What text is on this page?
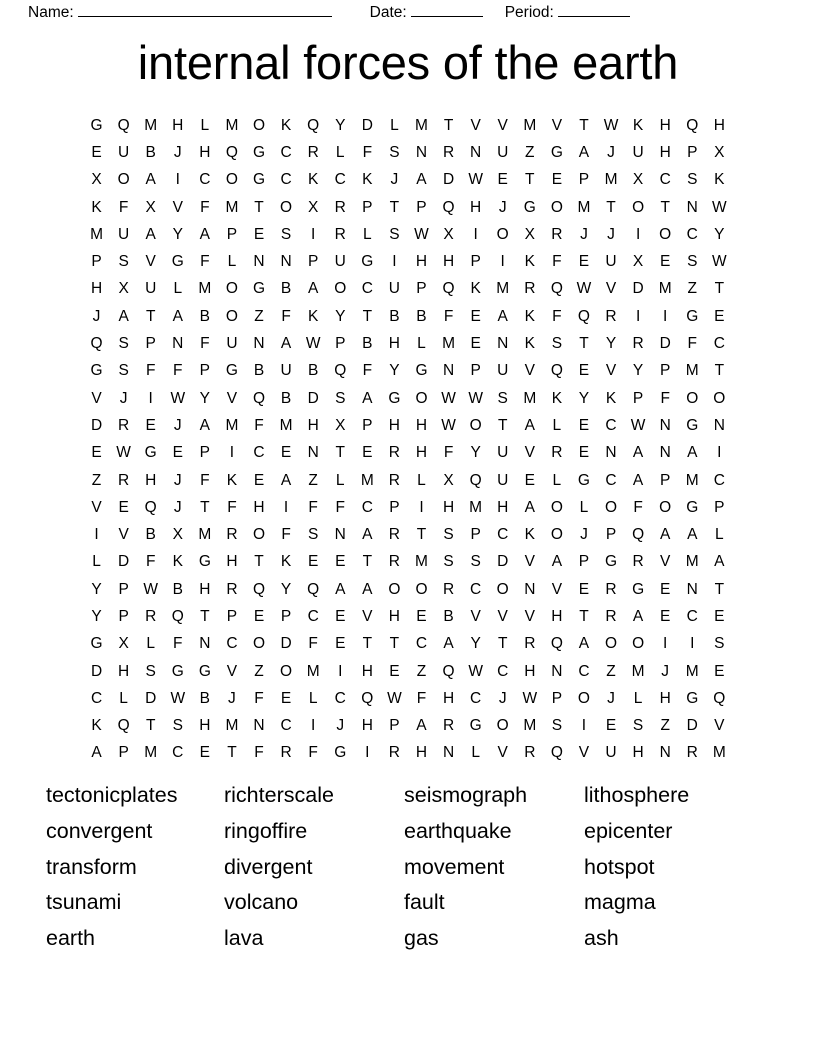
Name:	Date:	Period:
internal forces of the earth
G Q M H	L	M O	K	Q	Y	D	L	M	T	V	V M V	T W K	H Q H
E	U	B	J	H Q G C	R	L	F	S	N	R	N	U	Z	G	A	J	U	H	P	X
X	O	A	I	C O G C	K	C	K	J	A	D W E	T	E	P M X	C	S	K
K	F	X	V	F	M	T	O	X	R	P	T	P	Q H	J	G O M	T	O	T	N W
M U	A	Y	A	P	E	S	I	R	L	S W X	I	O	X	R	J	J	I	O C	Y
P	S	V	G	F	L	N	N	P	U G	I	H	H	P	I	K	F	E	U	X	E	S W
H	X	U	L	M O G	B	A	O C	U	P	Q	K M R Q W V	D M	Z	T
J	A	T	A	B	O	Z	F	K	Y	T	B	B	F	E	A	K	F	Q R	I	I	G	E
Q	S	P	N	F	U	N	A W P	B	H	L	M E	N	K	S	T	Y	R	D	F	C
G	S	F	F	P	G	B	U	B	Q	F	Y	G N	P	U	V	Q	E	V	Y	P M	T
V	J	I	W Y	V	Q	B	D	S	A	G O W W S M K	Y	K	P	F	O O
D	R	E	J	A M	F	M H	X	P	H	H W O	T	A	L	E	C W N G N
E W G	E	P	I	C	E	N	T	E	R	H	F	Y	U	V	R	E	N	A	N	A	I
Z	R	H	J	F	K	E	A	Z	L	M R	L	X	Q U	E	L	G C	A	P M C
V	E	Q	J	T	F	H	I	F	F	C	P	I	H M H	A	O	L	O	F	O G	P
I	V	B	X M R O	F	S	N	A	R	T	S	P	C	K	O	J	P	Q	A	A	L
L	D	F	K	G H	T	K	E	E	T	R M S	S	D	V	A	P	G R	V M A
Y	P W B	H	R Q	Y	Q	A	A	O O R	C O N	V	E	R G	E	N	T
Y	P	R Q	T	P	E	P	C	E	V	H	E	B	V	V	V	H	T	R	A	E	C	E
G	X	L	F	N	C O D	F	E	T	T	C	A	Y	T	R Q	A	O O	I	I	S
D	H	S	G G	V	Z	O M	I	H	E	Z	Q W C	H	N	C	Z	M	J	M E
C	L	D W B	J	F	E	L	C Q W F	H	C	J	W P	O	J	L	H G Q
K	Q	T	S	H M N	C	I	J	H	P	A	R G O M S	I	E	S	Z	D	V
A	P M C	E	T	F	R	F	G	I	R	H	N	L	V	R Q	V	U	H	N	R M
tectonicplates	richterscale	seismograph	lithosphere
convergent	ringoffire	earthquake	epicenter
transform	divergent	movement	hotspot
tsunami	volcano	fault	magma
earth	lava	gas	ash
